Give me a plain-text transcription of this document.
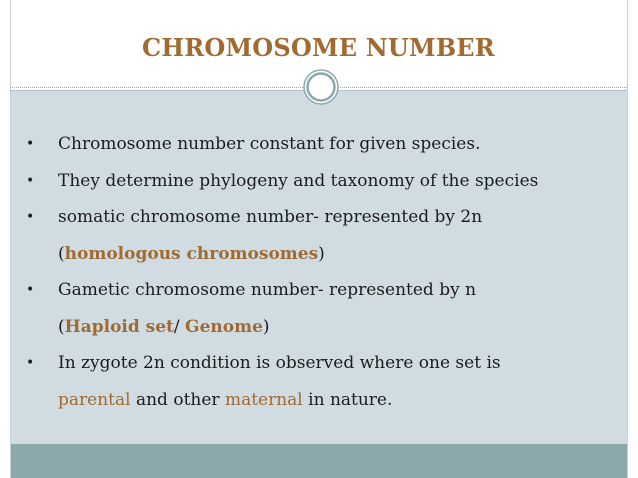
CHROMOSOME NUMBER
•	Chromosome number constant for given species.
•	They determine phylogeny and taxonomy of the species
•	somatic chromosome number- represented by 2n
(homologous chromosomes)
•	Gametic chromosome number- represented by n
(Haploid set/ Genome)
•	In zygote 2n condition is observed where one set is
parental and other maternal in nature.
